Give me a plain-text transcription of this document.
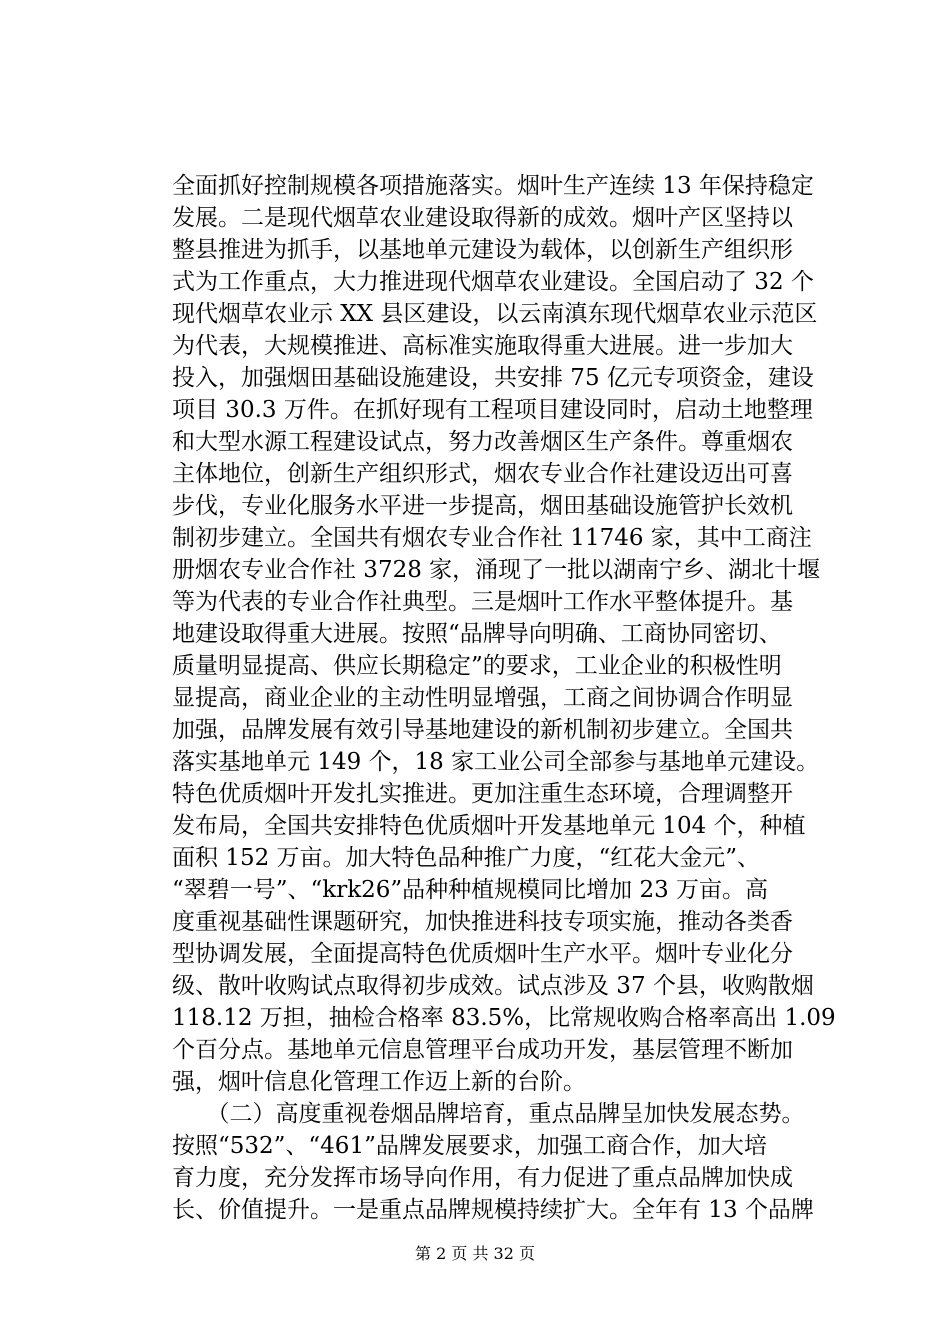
全面抓好控制规模各项措施落实。烟叶生产连续 13 年保持稳定
发展。二是现代烟草农业建设取得新的成效。烟叶产区坚持以
整县推进为抓手，以基地单元建设为载体，以创新生产组织形
式为工作重点，大力推进现代烟草农业建设。全国启动了 32 个
现代烟草农业示 XX 县区建设，以云南滇东现代烟草农业示范区
为代表，大规模推进、高标准实施取得重大进展。进一步加大
投入，加强烟田基础设施建设，共安排 75 亿元专项资金，建设
项目 30.3 万件。在抓好现有工程项目建设同时，启动土地整理
和大型水源工程建设试点，努力改善烟区生产条件。尊重烟农
主体地位，创新生产组织形式，烟农专业合作社建设迈出可喜
步伐，专业化服务水平进一步提高，烟田基础设施管护长效机
制初步建立。全国共有烟农专业合作社 11746 家，其中工商注
册烟农专业合作社 3728 家，涌现了一批以湖南宁乡、湖北十堰
等为代表的专业合作社典型。三是烟叶工作水平整体提升。基
地建设取得重大进展。按照“品牌导向明确、工商协同密切、
质量明显提高、供应长期稳定”的要求，工业企业的积极性明
显提高，商业企业的主动性明显增强，工商之间协调合作明显
加强，品牌发展有效引导基地建设的新机制初步建立。全国共
落实基地单元 149 个，18 家工业公司全部参与基地单元建设。
特色优质烟叶开发扎实推进。更加注重生态环境，合理调整开
发布局，全国共安排特色优质烟叶开发基地单元 104 个，种植
面积 152 万亩。加大特色品种推广力度，“红花大金元”、
“翠碧一号”、“krk26”品种种植规模同比增加 23 万亩。高
度重视基础性课题研究，加快推进科技专项实施，推动各类香
型协调发展，全面提高特色优质烟叶生产水平。烟叶专业化分
级、散叶收购试点取得初步成效。试点涉及 37 个县，收购散烟
118.12 万担，抽检合格率 83.5%，比常规收购合格率高出 1.09
个百分点。基地单元信息管理平台成功开发，基层管理不断加
强，烟叶信息化管理工作迈上新的台阶。
　　（二）高度重视卷烟品牌培育，重点品牌呈加快发展态势。
按照“532”、“461”品牌发展要求，加强工商合作，加大培
育力度，充分发挥市场导向作用，有力促进了重点品牌加快成
长、价值提升。一是重点品牌规模持续扩大。全年有 13 个品牌
第 2 页 共 32 页
